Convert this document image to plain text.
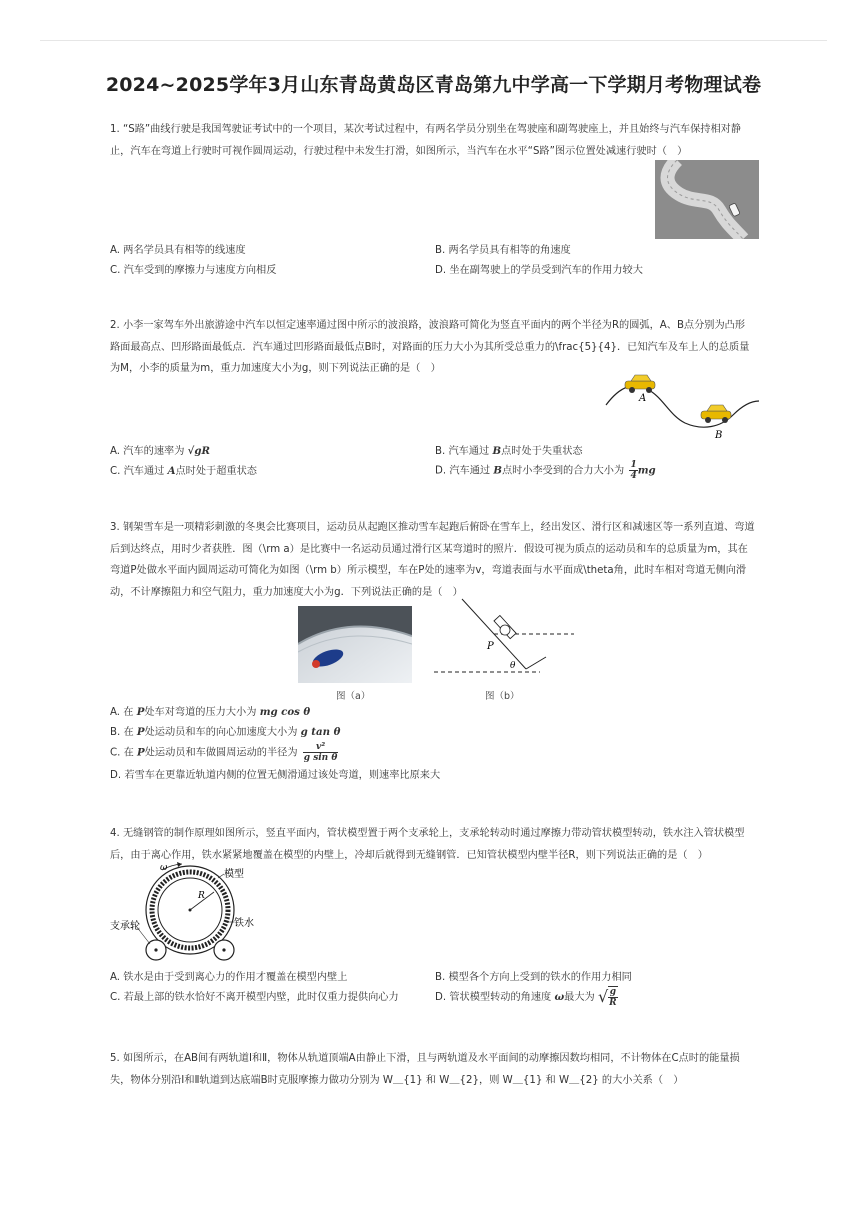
2024~2025学年3月山东青岛黄岛区青岛第九中学高一下学期月考物理试卷

1. “S路”曲线行驶是我国驾驶证考试中的一个项目，某次考试过程中，有两名学员分别坐在驾驶座和副驾驶座上，并且始终与汽车保持相对静止，汽车在弯道上行驶时可视作圆周运动，行驶过程中未发生打滑，如图所示，当汽车在水平“S路”图示位置处减速行驶时（　）

A. 两名学员具有相等的线速度	B. 两名学员具有相等的角速度
C. 汽车受到的摩擦力与速度方向相反	D. 坐在副驾驶上的学员受到汽车的作用力较大

2. 小李一家驾车外出旅游途中汽车以恒定速率通过图中所示的波浪路，波浪路可简化为竖直平面内的两个半径为R的圆弧，A、B点分别为凸形路面最高点、凹形路面最低点．汽车通过凹形路面最低点B时，对路面的压力大小为其所受总重力的\frac{5}{4}．已知汽车及车上人的总质量为M，小李的质量为m，重力加速度大小为g，则下列说法正确的是（　）

A
B
A. 汽车的速率为 √gR	B. 汽车通过 B点时处于失重状态
C. 汽车通过 A点时处于超重状态	D. 汽车通过 B点时小李受到的合力大小为 $\frac{1}{4}$ mg

3. 钢架雪车是一项精彩刺激的冬奥会比赛项目，运动员从起跑区推动雪车起跑后俯卧在雪车上，经出发区、滑行区和减速区等一系列直道、弯道后到达终点，用时少者获胜．图（\rm a）是比赛中一名运动员通过滑行区某弯道时的照片．假设可视为质点的运动员和车的总质量为m，其在弯道P处做水平面内圆周运动可简化为如图（\rm b）所示模型，车在P处的速率为v，弯道表面与水平面成\theta角，此时车相对弯道无侧向滑动，不计摩擦阻力和空气阻力，重力加速度大小为g．下列说法正确的是（　）

P
θ
图（a）	图（b）
A. 在 P处车对弯道的压力大小为 mg cos θ
B. 在 P处运动员和车的向心加速度大小为 g tan θ
C. 在 P处运动员和车做圆周运动的半径为 $\frac{\text{v²}}{\text{g sin θ}}$
D. 若雪车在更靠近轨道内侧的位置无侧滑通过该处弯道，则速率比原来大

4. 无缝钢管的制作原理如图所示，竖直平面内，管状模型置于两个支承轮上，支承轮转动时通过摩擦力带动管状模型转动，铁水注入管状模型后，由于离心作用，铁水紧紧地覆盖在模型的内壁上，冷却后就得到无缝钢管．已知管状模型内壁半径R，则下列说法正确的是（　）

ω
模型
R
支承轮	铁水
A. 铁水是由于受到离心力的作用才覆盖在模型内壁上	B. 模型各个方向上受到的铁水的作用力相同
C. 若最上部的铁水恰好不离开模型内壁，此时仅重力提供向心力	D. 管状模型转动的角速度 ω最大为 √ $\frac{g}{R}$

5. 如图所示，在AB间有两轨道Ⅰ和Ⅱ，物体从轨道顶端A由静止下滑，且与两轨道及水平面间的动摩擦因数均相同，不计物体在C点时的能量损失，物体分别沿Ⅰ和Ⅱ轨道到达底端B时克服摩擦力做功分别为 W＿{1} 和 W＿{2}，则 W＿{1} 和 W＿{2} 的大小关系（　）
